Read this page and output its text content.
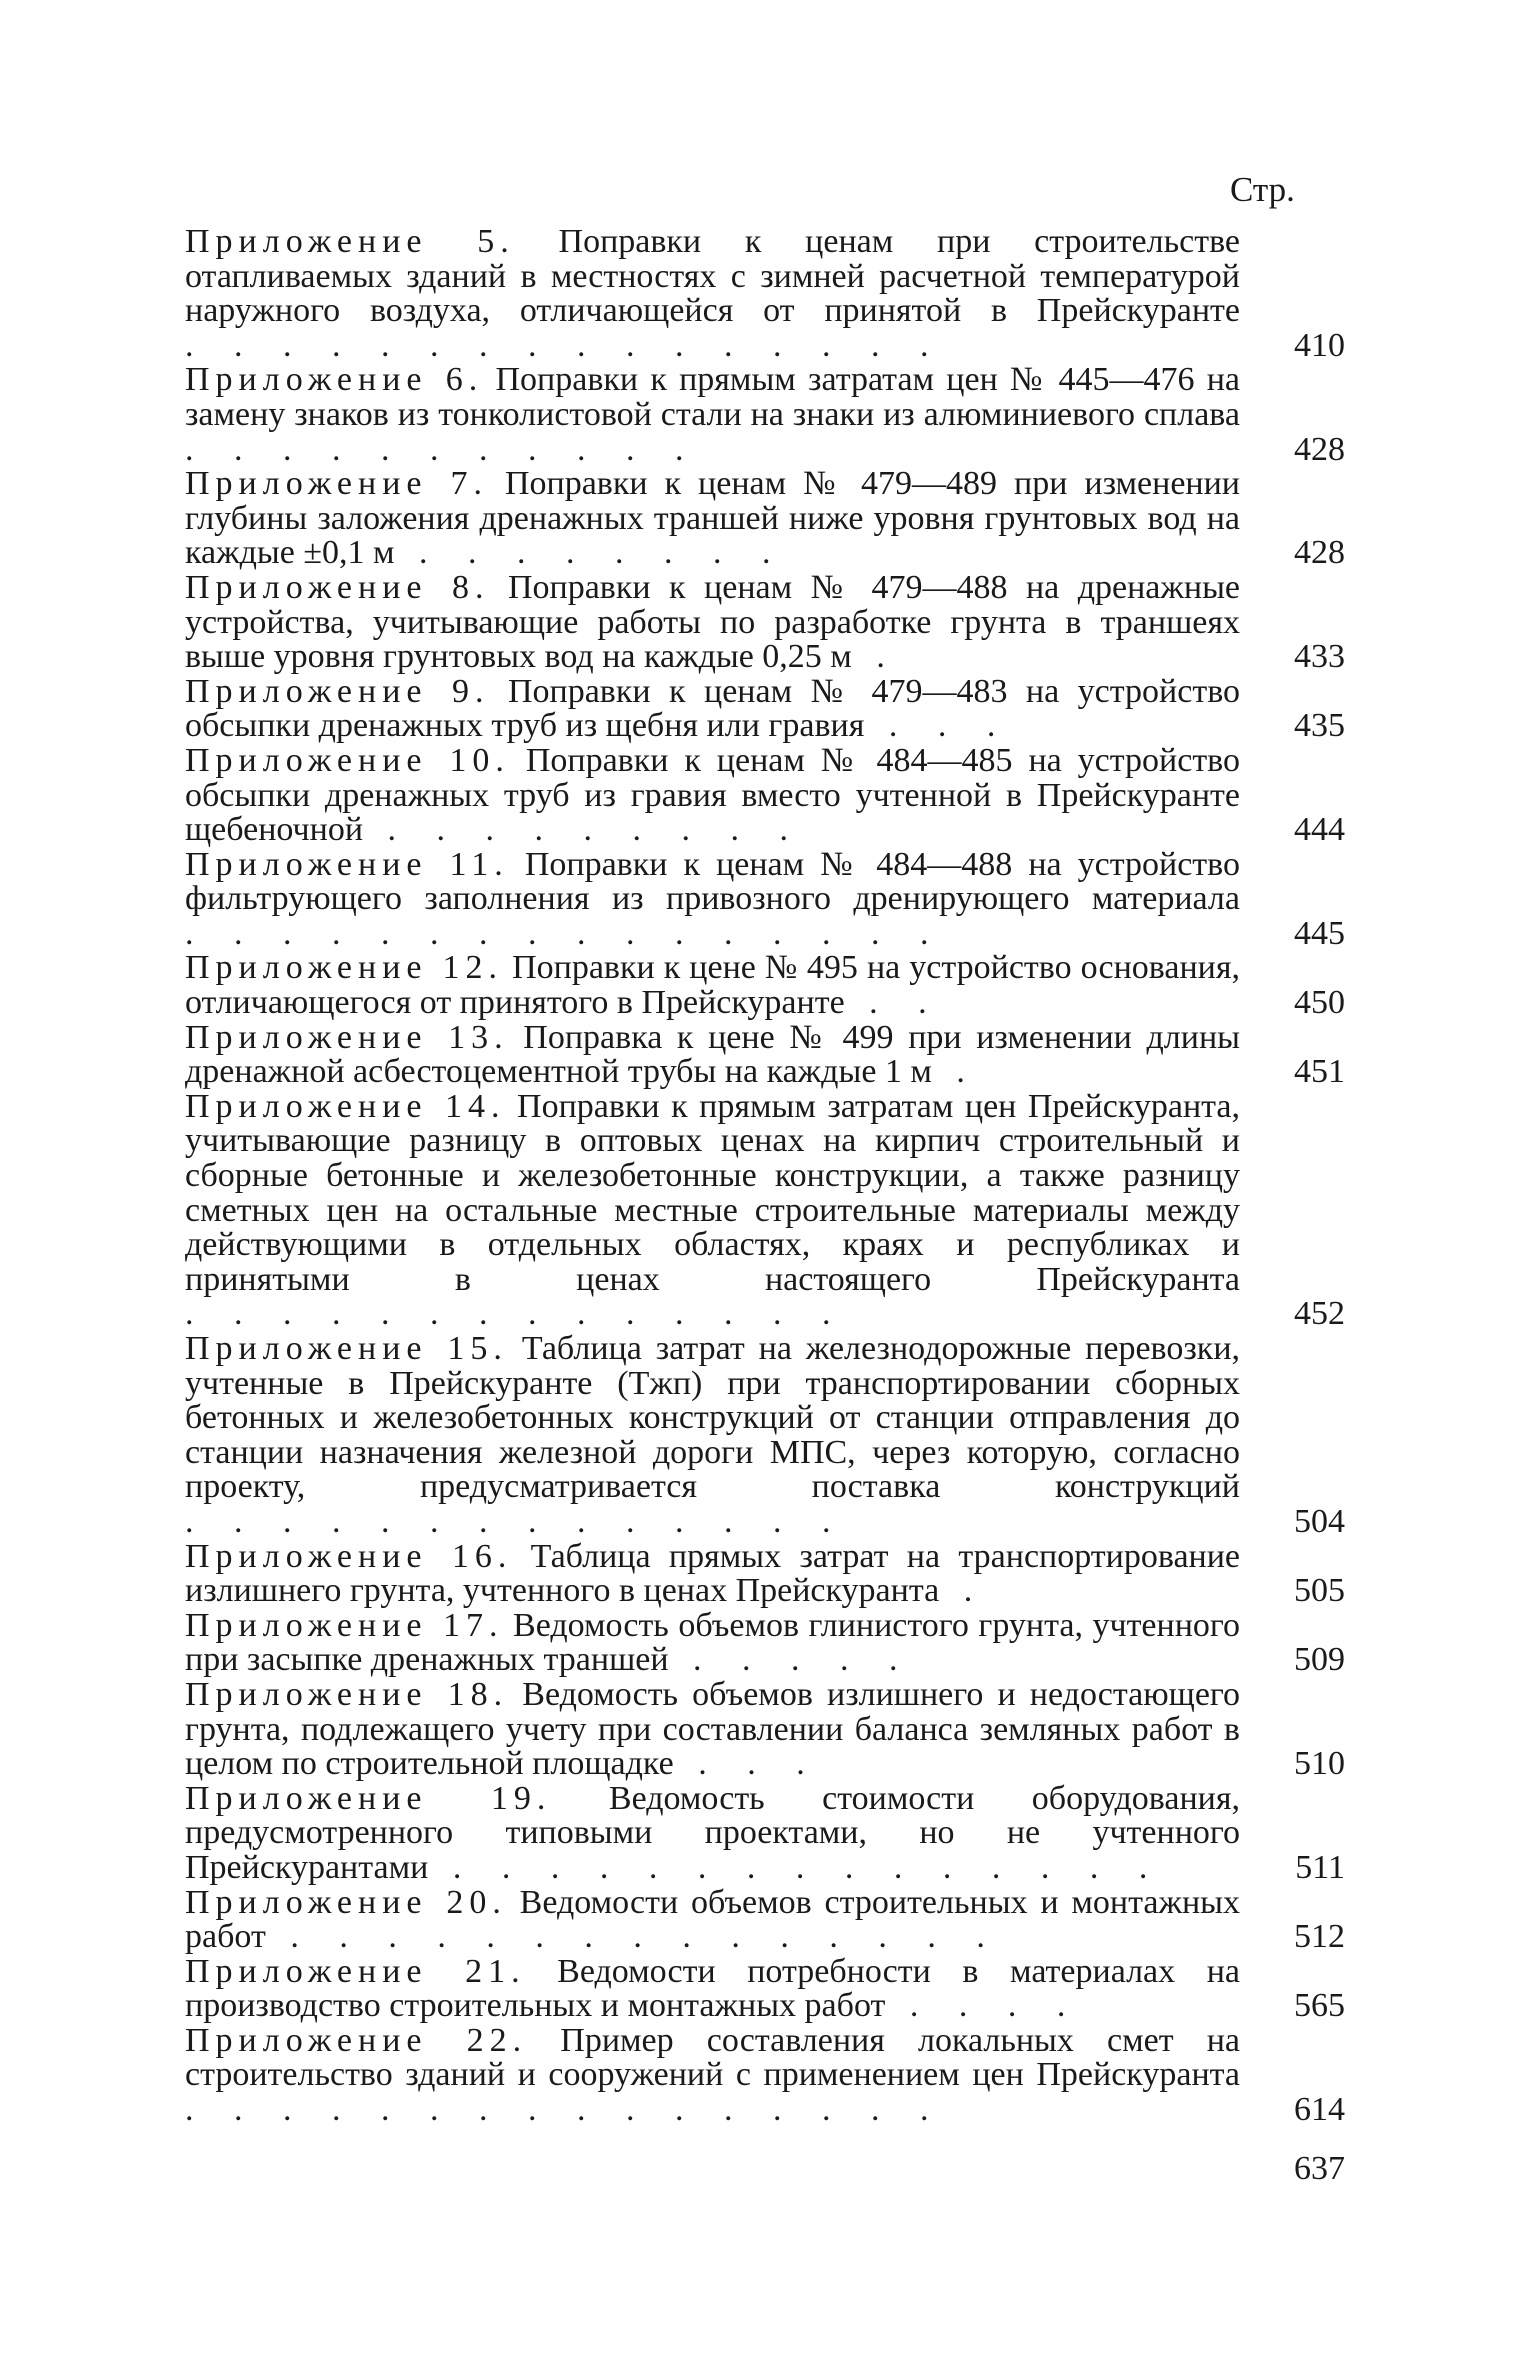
Стр.
Приложение 5. Поправки к ценам при строительстве отапливаемых зданий в местностях с зимней расчетной температурой наружного воздуха, отличающейся от принятой в Прейскуранте . . . . . . . . . . . . . . . .	410
Приложение 6. Поправки к прямым затратам цен № 445—476 на замену знаков из тонколистовой стали на знаки из алюминиевого сплава . . . . . . . . . . .	428
Приложение 7. Поправки к ценам № 479—489 при изменении глубины заложения дренажных траншей ниже уровня грунтовых вод на каждые ±0,1 м . . . . . . . .	428
Приложение 8. Поправки к ценам № 479—488 на дренажные устройства, учитывающие работы по разработке грунта в траншеях выше уровня грунтовых вод на каждые 0,25 м .	433
Приложение 9. Поправки к ценам № 479—483 на устройство обсыпки дренажных труб из щебня или гравия . . .	435
Приложение 10. Поправки к ценам № 484—485 на устройство обсыпки дренажных труб из гравия вместо учтенной в Прейскуранте щебеночной . . . . . . . . .	444
Приложение 11. Поправки к ценам № 484—488 на устройство фильтрующего заполнения из привозного дренирующего материала . . . . . . . . . . . . . . . .	445
Приложение 12. Поправки к цене № 495 на устройство основания, отличающегося от принятого в Прейскуранте . .	450
Приложение 13. Поправка к цене № 499 при изменении длины дренажной асбестоцементной трубы на каждые 1 м .	451
Приложение 14. Поправки к прямым затратам цен Прейскуранта, учитывающие разницу в оптовых ценах на кирпич строительный и сборные бетонные и железобетонные конструкции, а также разницу сметных цен на остальные местные строительные материалы между действующими в отдельных областях, краях и республиках и принятыми в ценах настоящего Прейскуранта . . . . . . . . . . . . . .	452
Приложение 15. Таблица затрат на железнодорожные перевозки, учтенные в Прейскуранте (Тжп) при транспортировании сборных бетонных и железобетонных конструкций от станции отправления до станции назначения железной дороги МПС, через которую, согласно проекту, предусматривается поставка конструкций . . . . . . . . . . . . . .	504
Приложение 16. Таблица прямых затрат на транспортирование излишнего грунта, учтенного в ценах Прейскуранта .	505
Приложение 17. Ведомость объемов глинистого грунта, учтенного при засыпке дренажных траншей . . . . .	509
Приложение 18. Ведомость объемов излишнего и недостающего грунта, подлежащего учету при составлении баланса земляных работ в целом по строительной площадке . . .	510
Приложение 19. Ведомость стоимости оборудования, предусмотренного типовыми проектами, но не учтенного Прейскурантами . . . . . . . . . . . . . . .	511
Приложение 20. Ведомости объемов строительных и монтажных работ . . . . . . . . . . . . . . .	512
Приложение 21. Ведомости потребности в материалах на производство строительных и монтажных работ . . . .	565
Приложение 22. Пример составления локальных смет на строительство зданий и сооружений с применением цен Прейскуранта . . . . . . . . . . . . . . . .	614
637
